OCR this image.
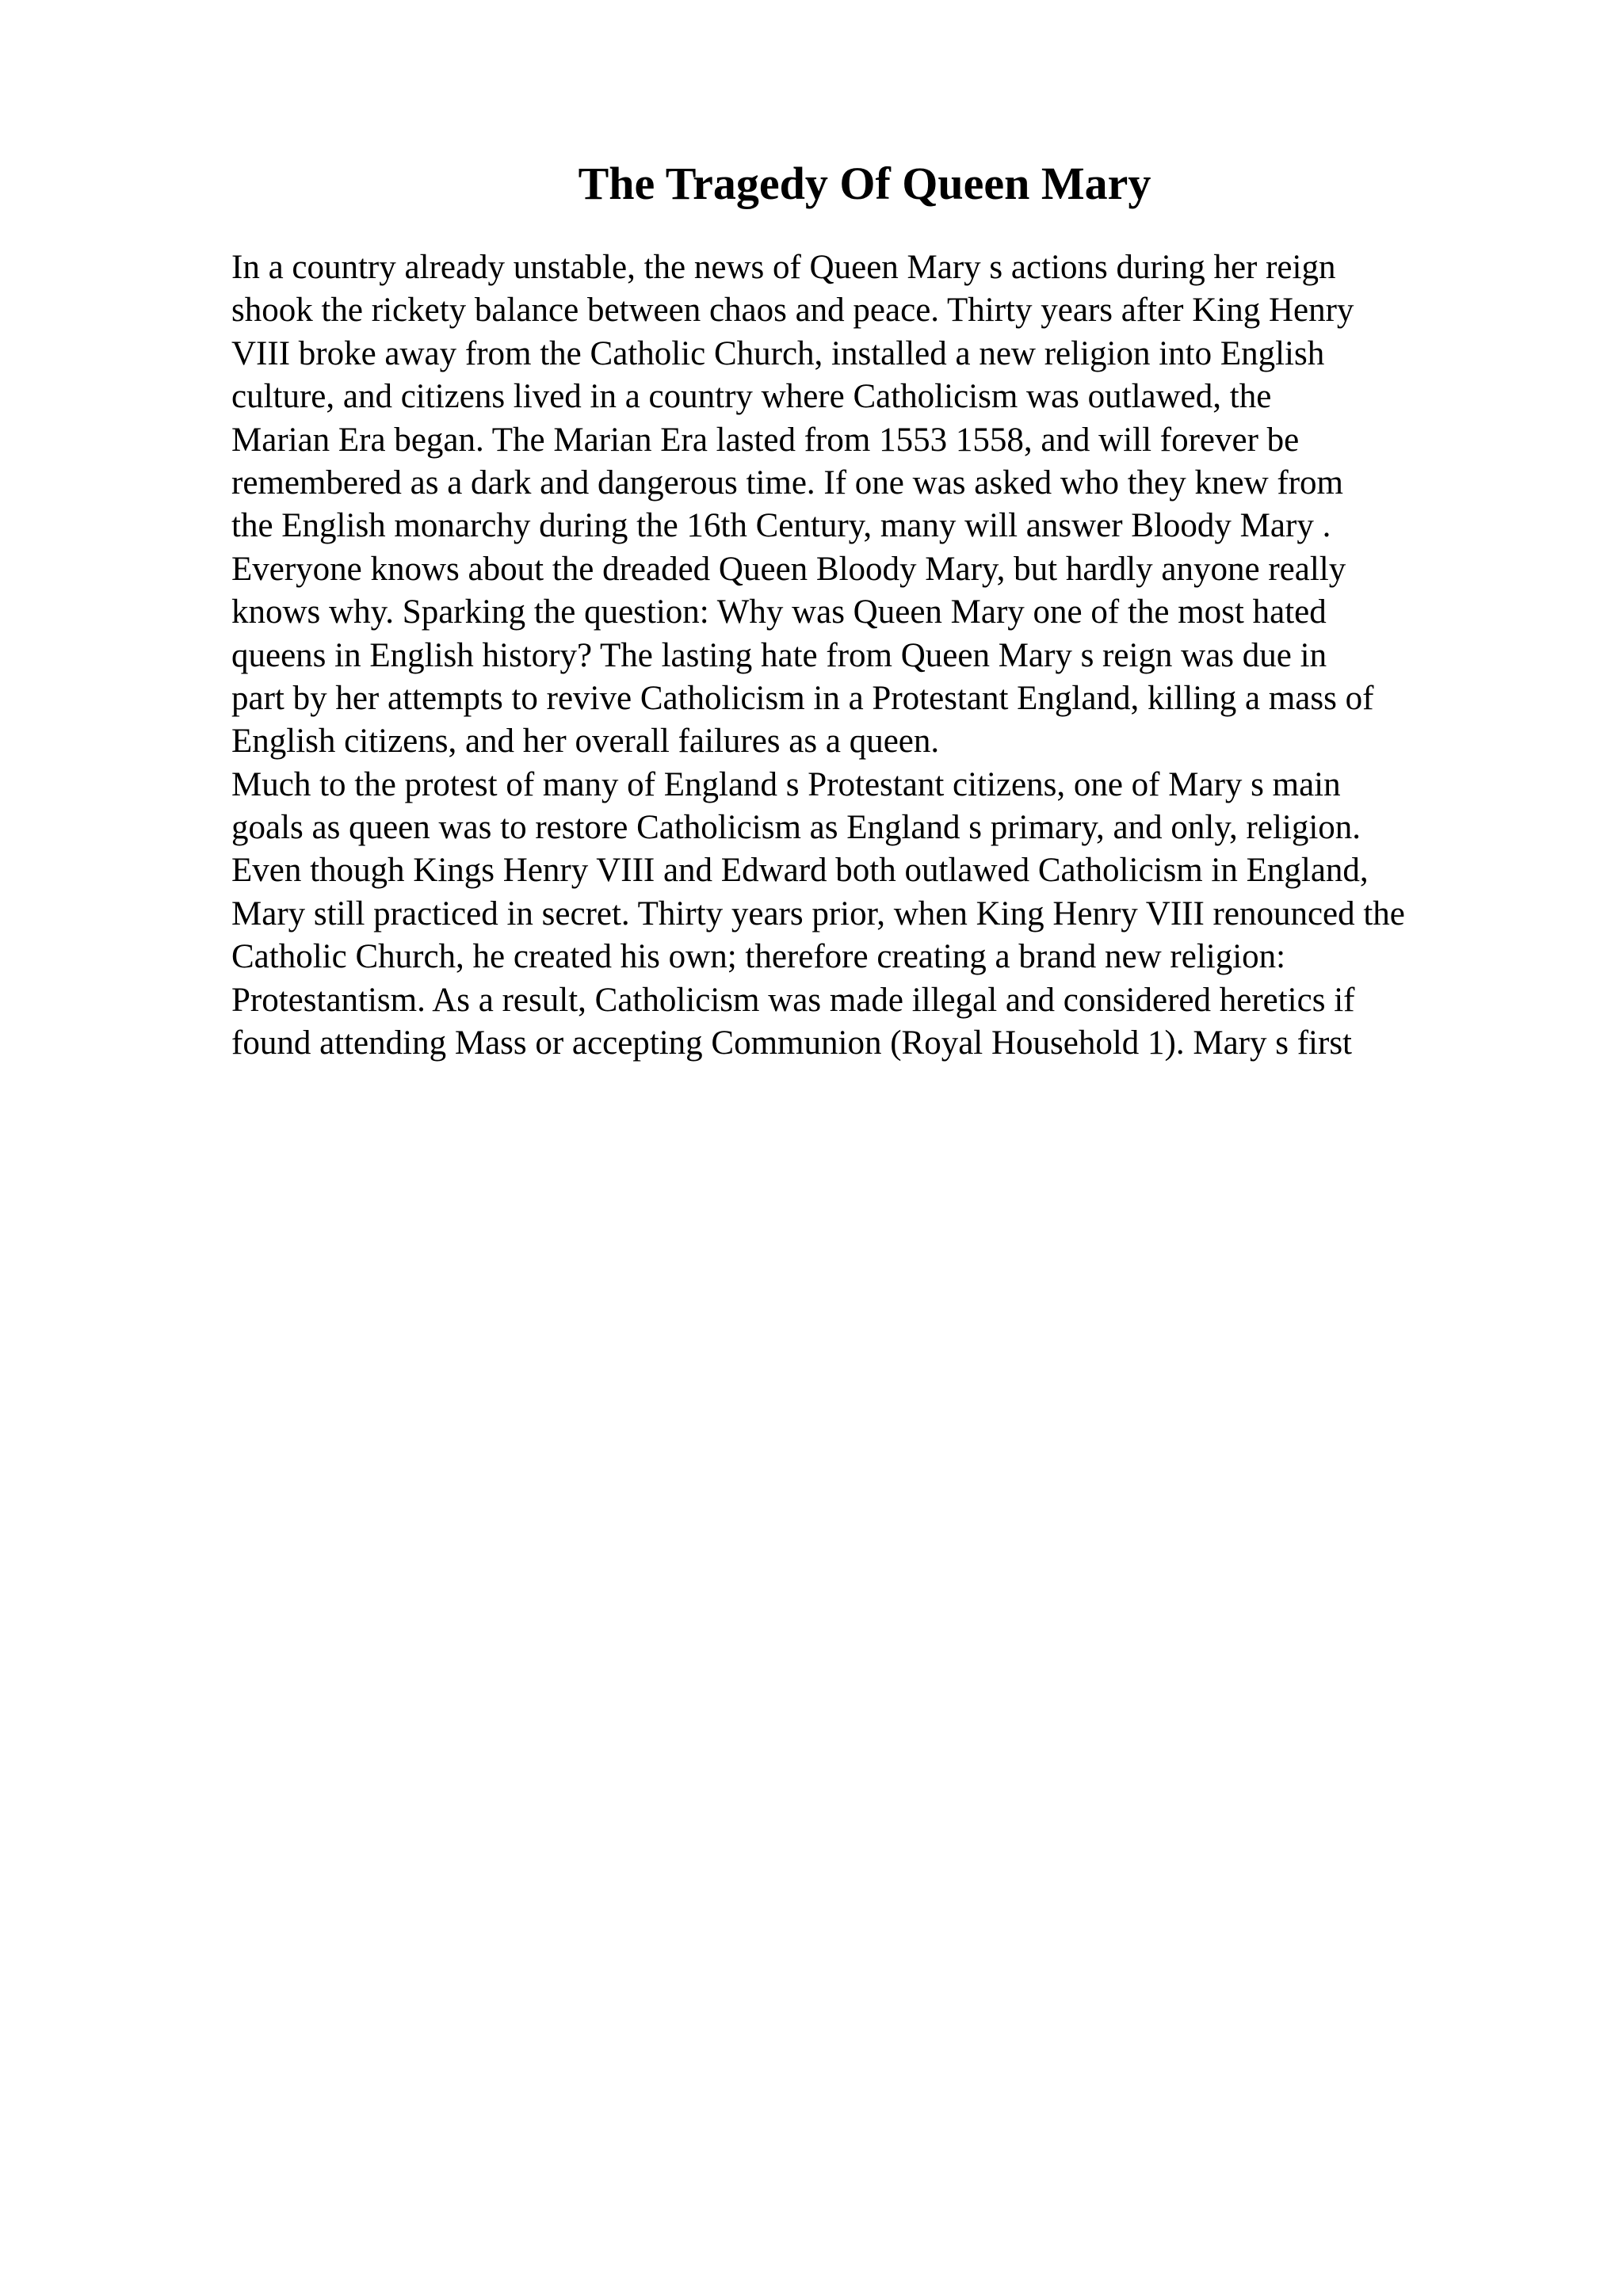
The Tragedy Of Queen Mary
In a country already unstable, the news of Queen Mary s actions during her reign
shook the rickety balance between chaos and peace. Thirty years after King Henry
VIII broke away from the Catholic Church, installed a new religion into English
culture, and citizens lived in a country where Catholicism was outlawed, the
Marian Era began. The Marian Era lasted from 1553 1558, and will forever be
remembered as a dark and dangerous time. If one was asked who they knew from
the English monarchy during the 16th Century, many will answer Bloody Mary .
Everyone knows about the dreaded Queen Bloody Mary, but hardly anyone really
knows why. Sparking the question: Why was Queen Mary one of the most hated
queens in English history? The lasting hate from Queen Mary s reign was due in
part by her attempts to revive Catholicism in a Protestant England, killing a mass of
English citizens, and her overall failures as a queen.
Much to the protest of many of England s Protestant citizens, one of Mary s main
goals as queen was to restore Catholicism as England s primary, and only, religion.
Even though Kings Henry VIII and Edward both outlawed Catholicism in England,
Mary still practiced in secret. Thirty years prior, when King Henry VIII renounced the
Catholic Church, he created his own; therefore creating a brand new religion:
Protestantism. As a result, Catholicism was made illegal and considered heretics if
found attending Mass or accepting Communion (Royal Household 1). Mary s first
